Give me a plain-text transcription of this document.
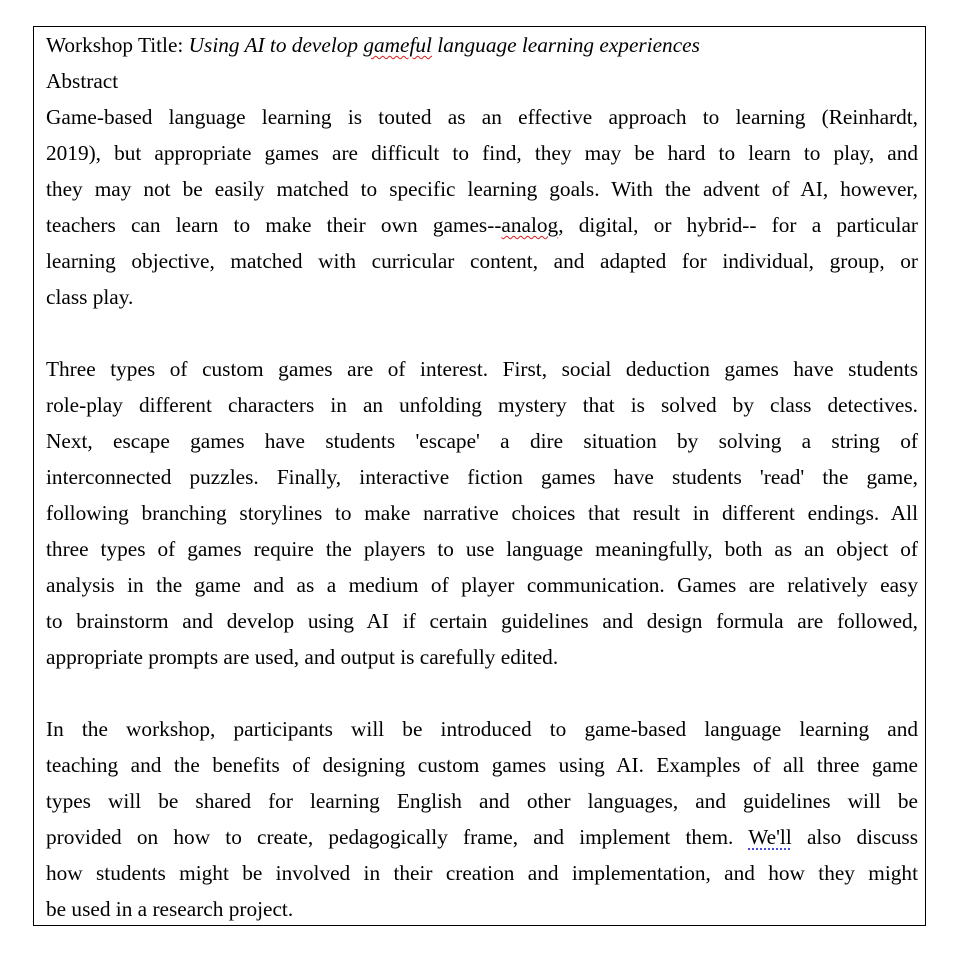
Workshop Title: Using AI to develop gameful language learning experiences
Abstract
Game-based language learning is touted as an effective approach to learning (Reinhardt,
2019), but appropriate games are difficult to find, they may be hard to learn to play, and
they may not be easily matched to specific learning goals. With the advent of AI, however,
teachers can learn to make their own games--analog, digital, or hybrid-- for a particular
learning objective, matched with curricular content, and adapted for individual, group, or
class play.
Three types of custom games are of interest. First, social deduction games have students
role-play different characters in an unfolding mystery that is solved by class detectives.
Next, escape games have students 'escape' a dire situation by solving a string of
interconnected puzzles. Finally, interactive fiction games have students 'read' the game,
following branching storylines to make narrative choices that result in different endings. All
three types of games require the players to use language meaningfully, both as an object of
analysis in the game and as a medium of player communication. Games are relatively easy
to brainstorm and develop using AI if certain guidelines and design formula are followed,
appropriate prompts are used, and output is carefully edited.
In the workshop, participants will be introduced to game-based language learning and
teaching and the benefits of designing custom games using AI. Examples of all three game
types will be shared for learning English and other languages, and guidelines will be
provided on how to create, pedagogically frame, and implement them. We'll also discuss
how students might be involved in their creation and implementation, and how they might
be used in a research project.
